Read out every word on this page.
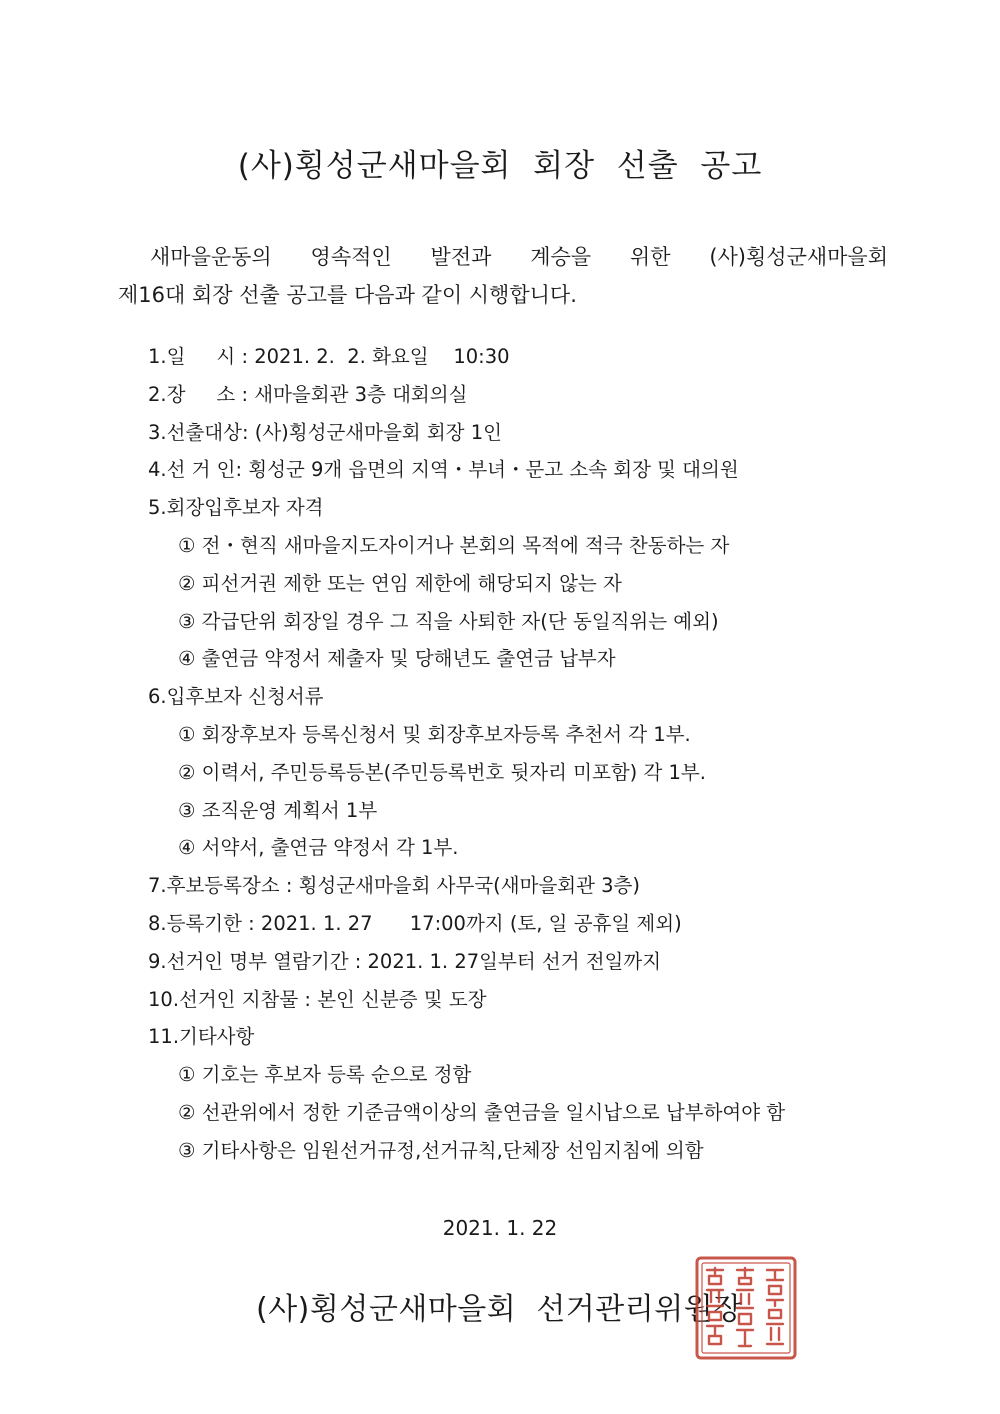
(사)횡성군새마을회  회장  선출  공고
새마을운동의 영속적인 발전과 계승을 위한 (사)횡성군새마을회
제16대 회장 선출 공고를 다음과 같이 시행합니다.
1.일     시 : 2021. 2.  2. 화요일    10:30
2.장     소 : 새마을회관 3층 대회의실
3.선출대상: (사)횡성군새마을회 회장 1인
4.선 거 인: 횡성군 9개 읍면의 지역・부녀・문고 소속 회장 및 대의원
5.회장입후보자 자격
① 전・현직 새마을지도자이거나 본회의 목적에 적극 찬동하는 자
② 피선거권 제한 또는 연임 제한에 해당되지 않는 자
③ 각급단위 회장일 경우 그 직을 사퇴한 자(단 동일직위는 예외)
④ 출연금 약정서 제출자 및 당해년도 출연금 납부자
6.입후보자 신청서류
① 회장후보자 등록신청서 및 회장후보자등록 추천서 각 1부.
② 이력서, 주민등록등본(주민등록번호 뒷자리 미포함) 각 1부.
③ 조직운영 계획서 1부
④ 서약서, 출연금 약정서 각 1부.
7.후보등록장소 : 횡성군새마을회 사무국(새마을회관 3층)
8.등록기한 : 2021. 1. 27      17:00까지 (토, 일 공휴일 제외)
9.선거인 명부 열람기간 : 2021. 1. 27일부터 선거 전일까지
10.선거인 지참물 : 본인 신분증 및 도장
11.기타사항
① 기호는 후보자 등록 순으로 정함
② 선관위에서 정한 기준금액이상의 출연금을 일시납으로 납부하여야 함
③ 기타사항은 임원선거규정,선거규칙,단체장 선임지침에 의함
2021. 1. 22
(사)횡성군새마을회  선거관리위원장
